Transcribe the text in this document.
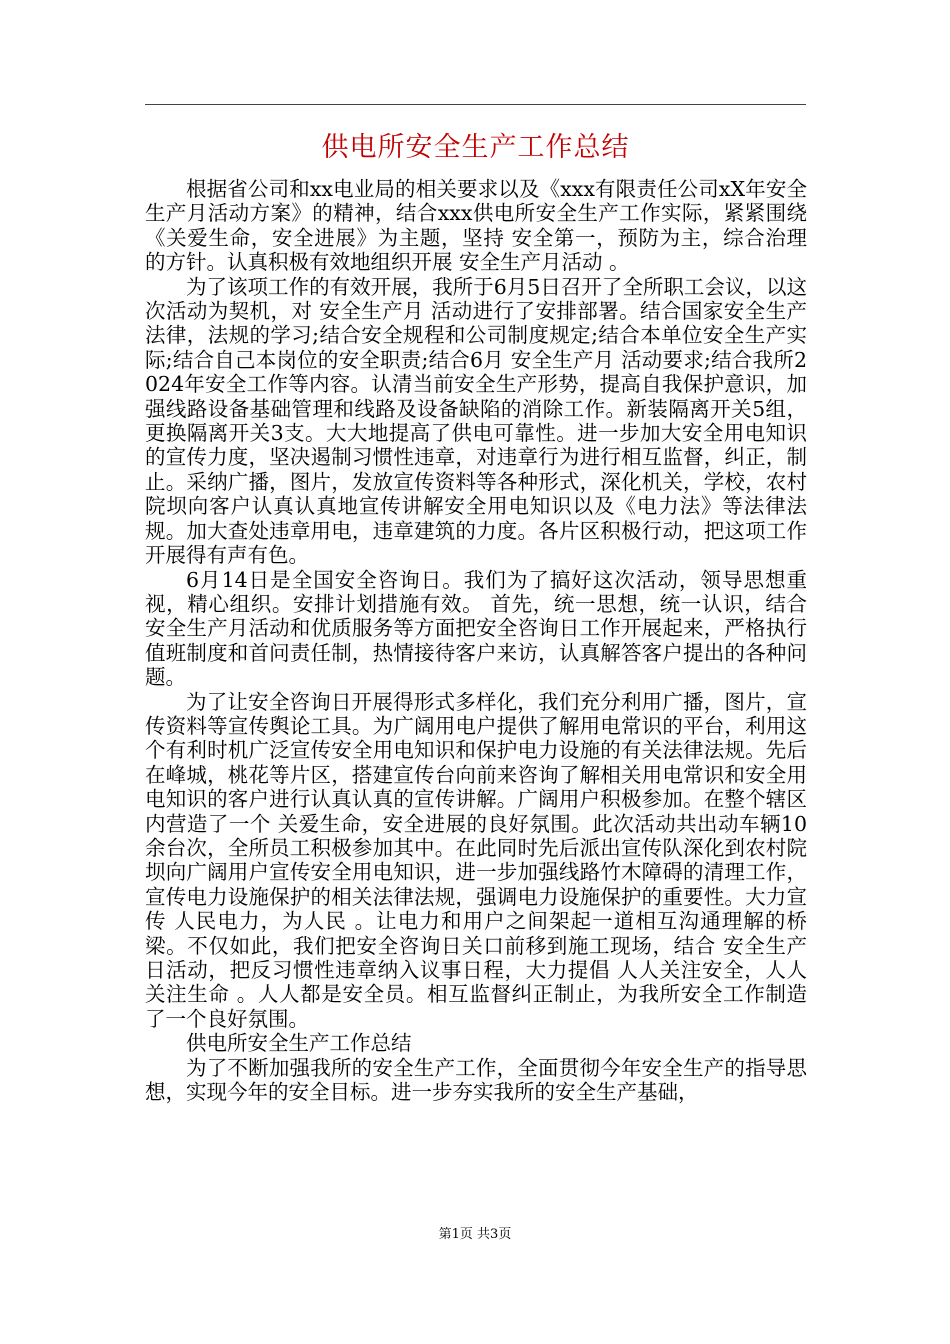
供电所安全生产工作总结

根据省公司和xx电业局的相关要求以及《xxx有限责任公司xX年安全生产月活动方案》的精神，结合xxx供电所安全生产工作实际，紧紧围绕《关爱生命，安全进展》为主题，坚持 安全第一，预防为主，综合治理 的方针。认真积极有效地组织开展 安全生产月活动 。

为了该项工作的有效开展，我所于6月5日召开了全所职工会议，以这次活动为契机，对 安全生产月 活动进行了安排部署。结合国家安全生产法律，法规的学习;结合安全规程和公司制度规定;结合本单位安全生产实际;结合自己本岗位的安全职责;结合6月 安全生产月 活动要求;结合我所2024年安全工作等内容。认清当前安全生产形势，提高自我保护意识，加强线路设备基础管理和线路及设备缺陷的消除工作。新装隔离开关5组，更换隔离开关3支。大大地提高了供电可靠性。进一步加大安全用电知识的宣传力度，坚决遏制习惯性违章，对违章行为进行相互监督，纠正，制止。采纳广播，图片，发放宣传资料等各种形式，深化机关，学校，农村院坝向客户认真认真地宣传讲解安全用电知识以及《电力法》等法律法规。加大查处违章用电，违章建筑的力度。各片区积极行动，把这项工作开展得有声有色。

6月14日是全国安全咨询日。我们为了搞好这次活动，领导思想重视，精心组织。安排计划措施有效。 首先，统一思想，统一认识，结合安全生产月活动和优质服务等方面把安全咨询日工作开展起来，严格执行值班制度和首问责任制，热情接待客户来访，认真解答客户提出的各种问题。

为了让安全咨询日开展得形式多样化，我们充分利用广播，图片，宣传资料等宣传舆论工具。为广阔用电户提供了解用电常识的平台，利用这个有利时机广泛宣传安全用电知识和保护电力设施的有关法律法规。先后在峰城，桃花等片区，搭建宣传台向前来咨询了解相关用电常识和安全用电知识的客户进行认真认真的宣传讲解。广阔用户积极参加。在整个辖区内营造了一个 关爱生命，安全进展的良好氛围。此次活动共出动车辆10余台次，全所员工积极参加其中。在此同时先后派出宣传队深化到农村院坝向广阔用户宣传安全用电知识，进一步加强线路竹木障碍的清理工作，宣传电力设施保护的相关法律法规，强调电力设施保护的重要性。大力宣传 人民电力，为人民 。让电力和用户之间架起一道相互沟通理解的桥梁。不仅如此，我们把安全咨询日关口前移到施工现场，结合 安全生产日活动，把反习惯性违章纳入议事日程，大力提倡 人人关注安全，人人关注生命 。人人都是安全员。相互监督纠正制止，为我所安全工作制造了一个良好氛围。

供电所安全生产工作总结

为了不断加强我所的安全生产工作，全面贯彻今年安全生产的指导思想，实现今年的安全目标。进一步夯实我所的安全生产基础，

第1页 共3页
